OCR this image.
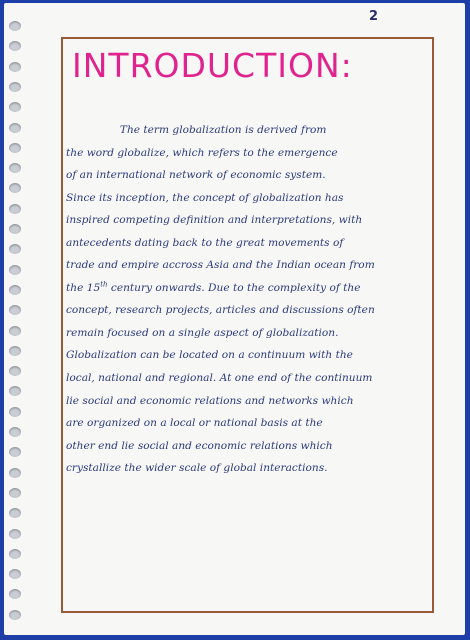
2
INTRODUCTION:
The term globalization is derived from
the word globalize, which refers to the emergence
of an international network of economic system.
Since its inception, the concept of globalization has
inspired competing definition and interpretations, with
antecedents dating back to the great movements of
trade and empire accross Asia and the Indian ocean from
the 15th century onwards. Due to the complexity of the
concept, research projects, articles and discussions often
remain focused on a single aspect of globalization.
Globalization can be located on a continuum with the
local, national and regional. At one end of the continuum
lie social and economic relations and networks which
are organized on a local or national basis at the
other end lie social and economic relations which
crystallize the wider scale of global interactions.
